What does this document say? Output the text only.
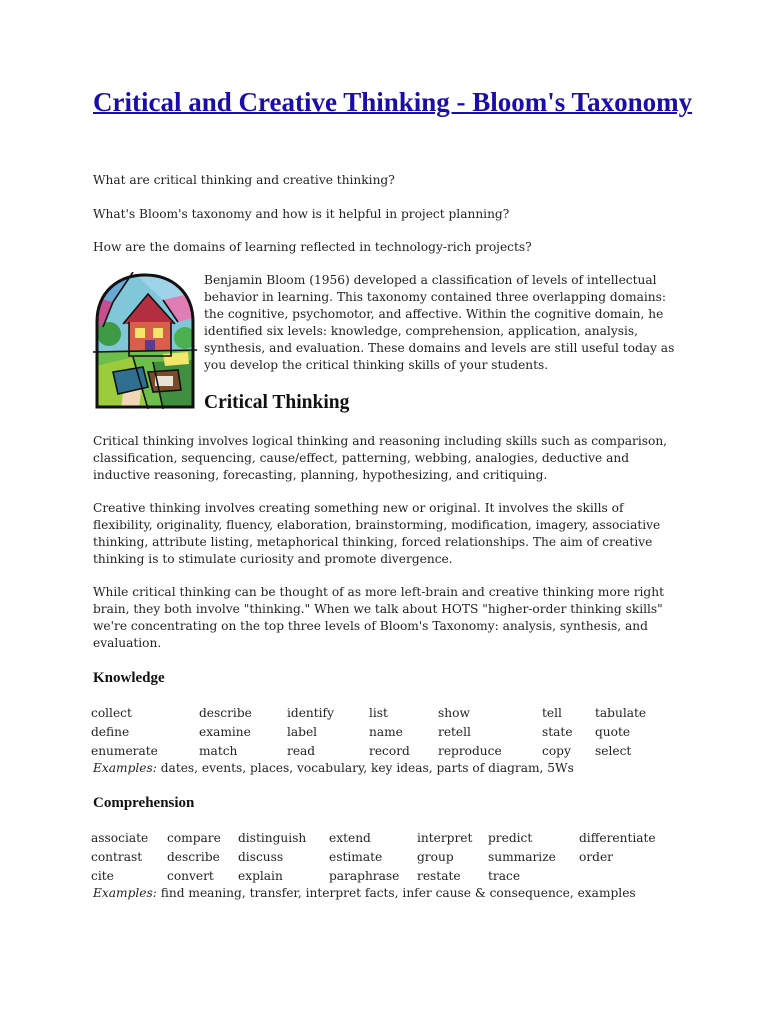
Critical and Creative Thinking - Bloom's Taxonomy

What are critical thinking and creative thinking?

What's Bloom's taxonomy and how is it helpful in project planning?

How are the domains of learning reflected in technology-rich projects?

Benjamin Bloom (1956) developed a classification of levels of intellectual behavior in learning. This taxonomy contained three overlapping domains: the cognitive, psychomotor, and affective. Within the cognitive domain, he identified six levels: knowledge, comprehension, application, analysis, synthesis, and evaluation. These domains and levels are still useful today as you develop the critical thinking skills of your students.

Critical Thinking

Critical thinking involves logical thinking and reasoning including skills such as comparison, classification, sequencing, cause/effect, patterning, webbing, analogies, deductive and inductive reasoning, forecasting, planning, hypothesizing, and critiquing.

Creative thinking involves creating something new or original. It involves the skills of flexibility, originality, fluency, elaboration, brainstorming, modification, imagery, associative thinking, attribute listing, metaphorical thinking, forced relationships. The aim of creative thinking is to stimulate curiosity and promote divergence.

While critical thinking can be thought of as more left-brain and creative thinking more right brain, they both involve "thinking." When we talk about HOTS "higher-order thinking skills" we're concentrating on the top three levels of Bloom's Taxonomy: analysis, synthesis, and evaluation.

Knowledge
collect	describe	identify	list	show	tell	tabulate
define	examine	label	name	retell	state quote
enumerate	match	read	record reproduce	copy select
Examples: dates, events, places, vocabulary, key ideas, parts of diagram, 5Ws
Comprehension
associate compare distinguish extend	interpret predict	differentiate
contrast describe discuss	estimate	group	summarize order
cite	convert explain	paraphrase restate trace
Examples: find meaning, transfer, interpret facts, infer cause & consequence, examples
